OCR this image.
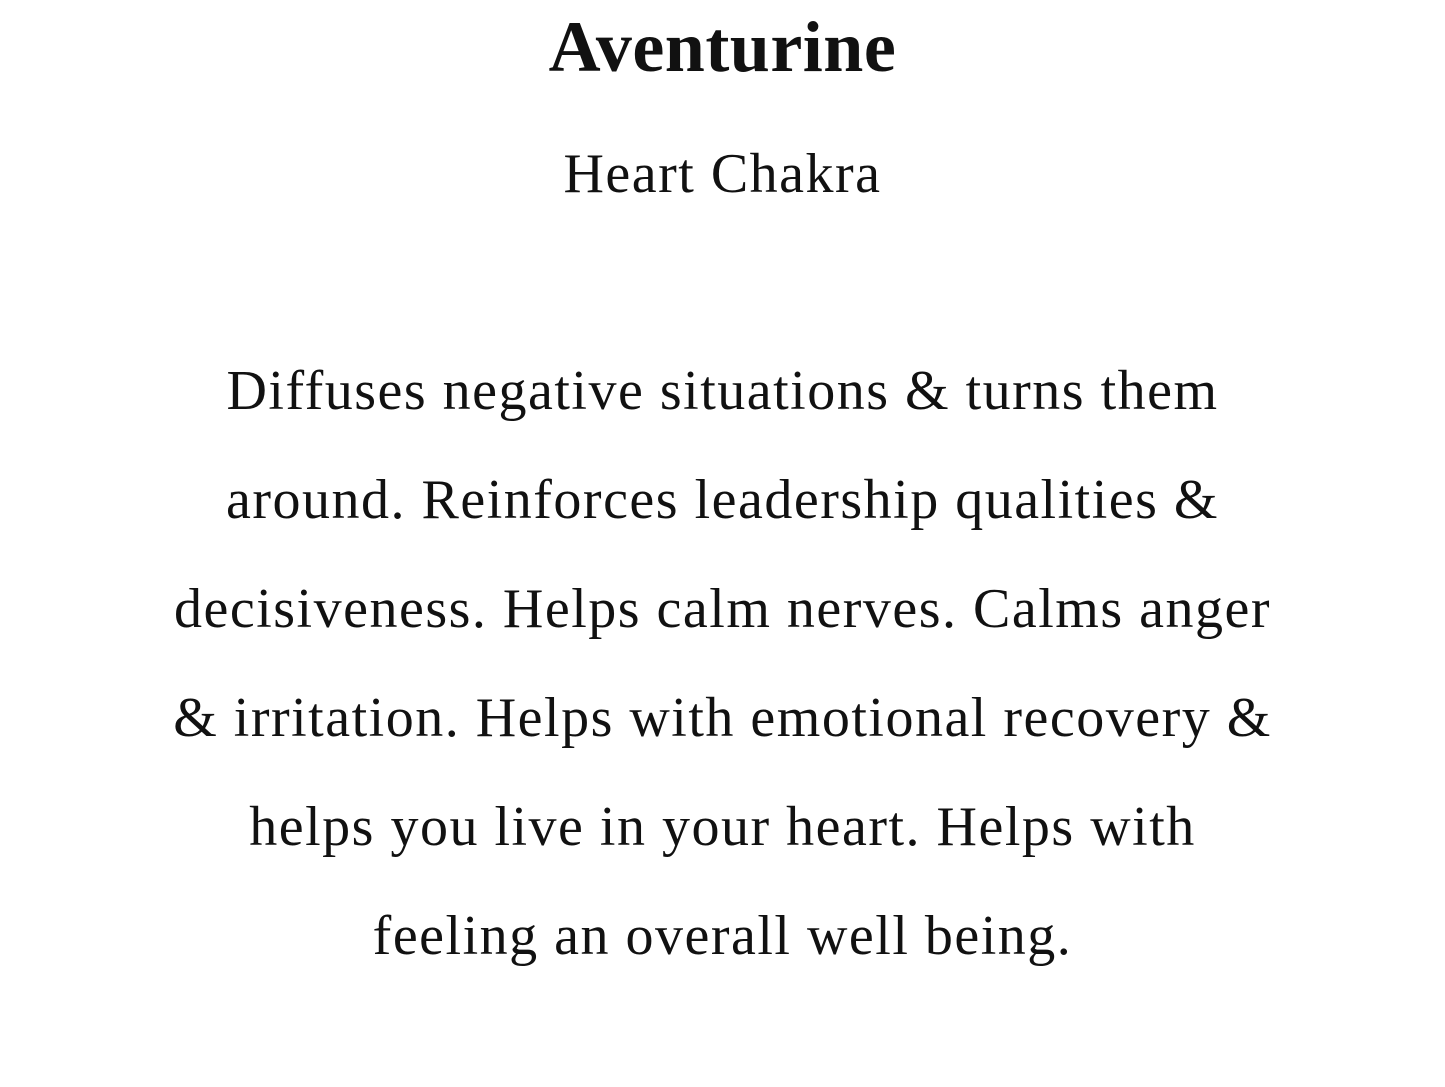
Aventurine
Heart Chakra

Diffuses negative situations & turns them
around. Reinforces leadership qualities &
decisiveness. Helps calm nerves. Calms anger
& irritation. Helps with emotional recovery &
helps you live in your heart. Helps with
feeling an overall well being.
